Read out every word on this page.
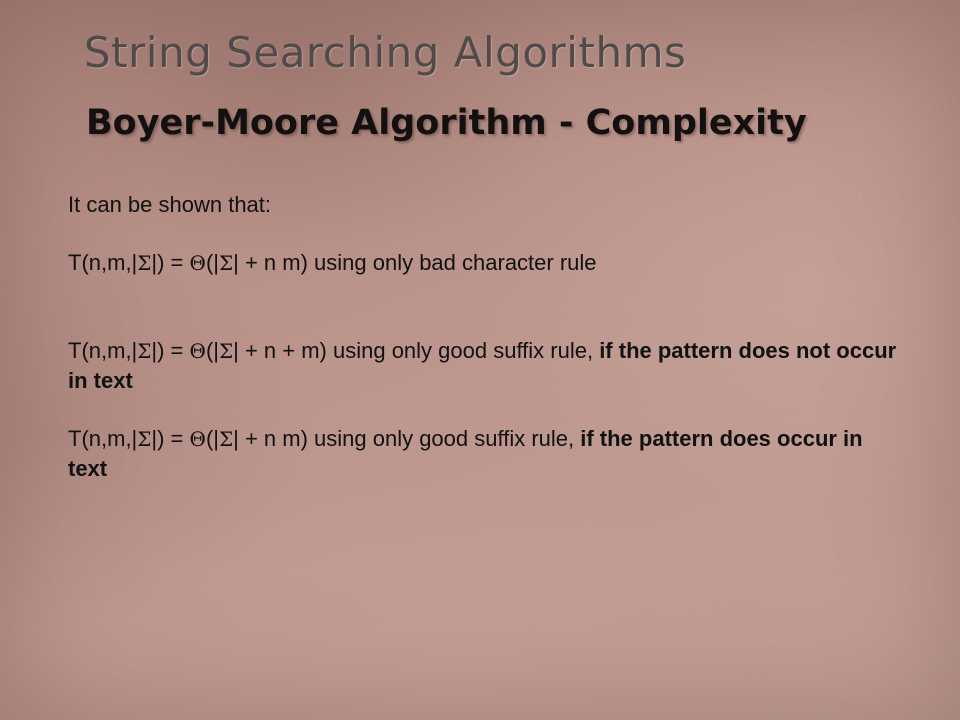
String Searching Algorithms
Boyer-Moore Algorithm - Complexity

It can be shown that:

T(n,m,|Σ|) = Θ(|Σ| + n m) using only bad character rule

T(n,m,|Σ|) = Θ(|Σ| + n + m) using only good suffix rule, if the pattern does not occur in text

T(n,m,|Σ|) = Θ(|Σ| + n m) using only good suffix rule, if the pattern does occur in text
